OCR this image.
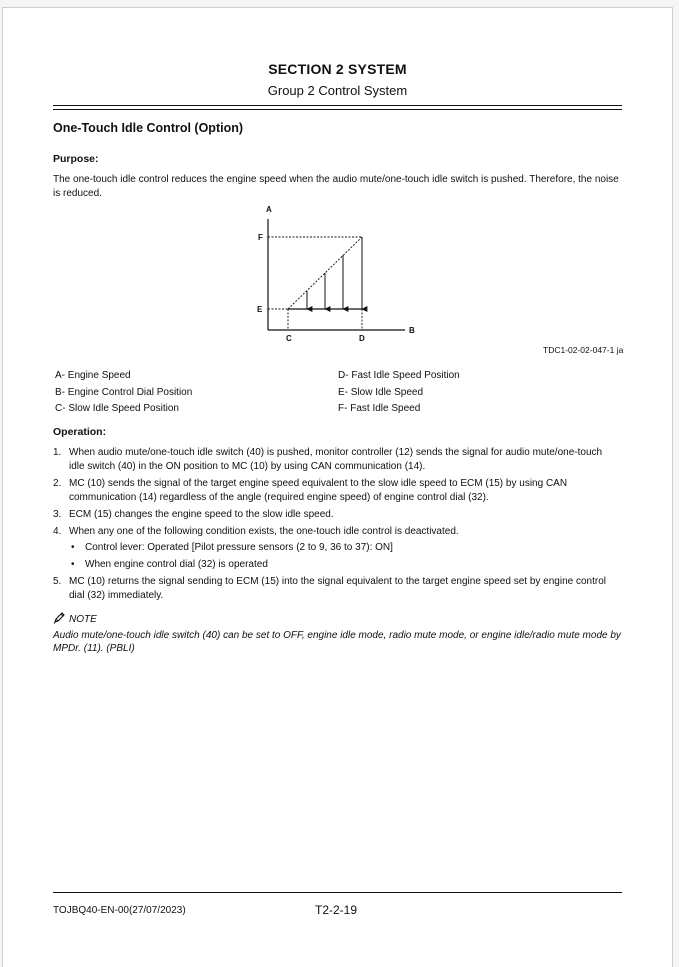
SECTION 2 SYSTEM
Group 2 Control System
One-Touch Idle Control (Option)
Purpose:
The one-touch idle control reduces the engine speed when the audio mute/one-touch idle switch is pushed. Therefore, the noise is reduced.
A
B
C	D
E
F
TDC1-02-02-047-1 ja
A- Engine Speed
B- Engine Control Dial Position
C- Slow Idle Speed Position
D- Fast Idle Speed Position
E- Slow Idle Speed
F- Fast Idle Speed
Operation:
1. When audio mute/one-touch idle switch (40) is pushed, monitor controller (12) sends the signal for audio mute/one-touch idle switch (40) in the ON position to MC (10) by using CAN communication (14).
2. MC (10) sends the signal of the target engine speed equivalent to the slow idle speed to ECM (15) by using CAN communication (14) regardless of the angle (required engine speed) of engine control dial (32).
3. ECM (15) changes the engine speed to the slow idle speed.
4. When any one of the following condition exists, the one-touch idle control is deactivated.
• Control lever: Operated [Pilot pressure sensors (2 to 9, 36 to 37): ON]
• When engine control dial (32) is operated
5. MC (10) returns the signal sending to ECM (15) into the signal equivalent to the target engine speed set by engine control dial (32) immediately.
NOTE
Audio mute/one-touch idle switch (40) can be set to OFF, engine idle mode, radio mute mode, or engine idle/radio mute mode by MPDr. (11). (PBLI)
TOJBQ40-EN-00(27/07/2023)	T2-2-19
